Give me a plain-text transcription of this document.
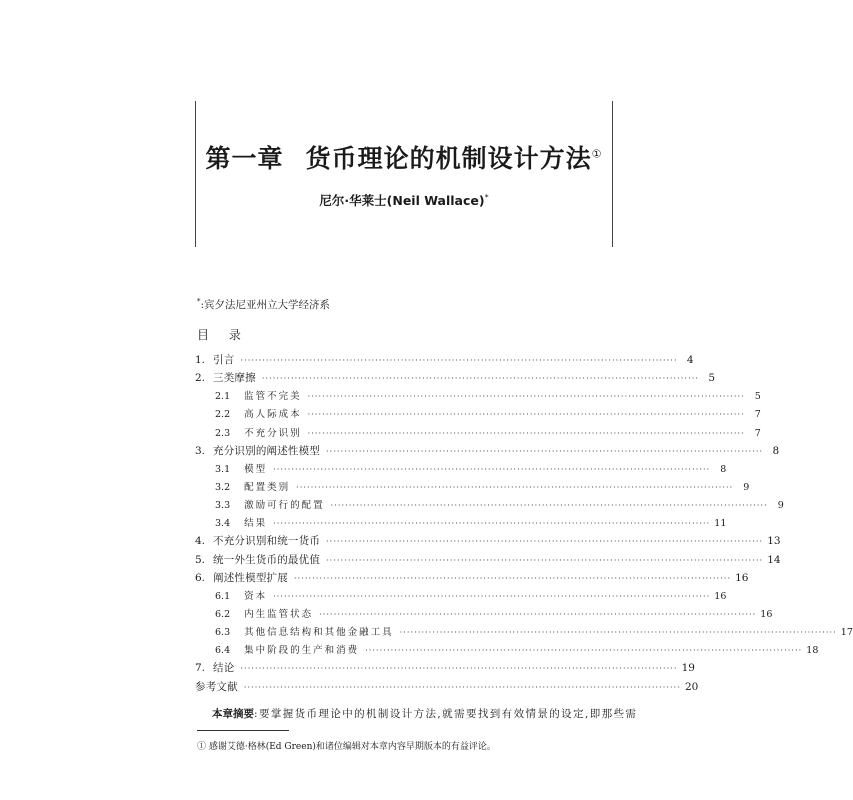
第一章 货币理论的机制设计方法①
尼尔·华莱士(Neil Wallace)*
*:宾夕法尼亚州立大学经济系
目 录
1. 引言 ························································································································ 4
2. 三类摩擦 ························································································································ 5
2.1	监管不完美 ························································································································	5
2.2	高人际成本 ························································································································	7
2.3	不充分识别 ························································································································	7
3. 充分识别的阐述性模型 ························································································································ 8
3.1	模型 ························································································································	8
3.2	配置类别 ························································································································	9
3.3	激励可行的配置 ························································································································	9
3.4	结果 ························································································································ 11
4. 不充分识别和统一货币 ························································································································ 13
5. 统一外生货币的最优值 ························································································································ 14
6. 阐述性模型扩展 ························································································································ 16
6.1	资本 ························································································································ 16
6.2	内生监管状态 ························································································································ 16
6.3	其他信息结构和其他金融工具 ························································································································ 17
6.4	集中阶段的生产和消费 ························································································································ 18
7. 结论 ························································································································ 19
参考文献 ························································································································ 20
本章摘要:要掌握货币理论中的机制设计方法,就需要找到有效情景的设定,即那些需
① 感谢艾德·格林(Ed Green)和诸位编辑对本章内容早期版本的有益评论。
